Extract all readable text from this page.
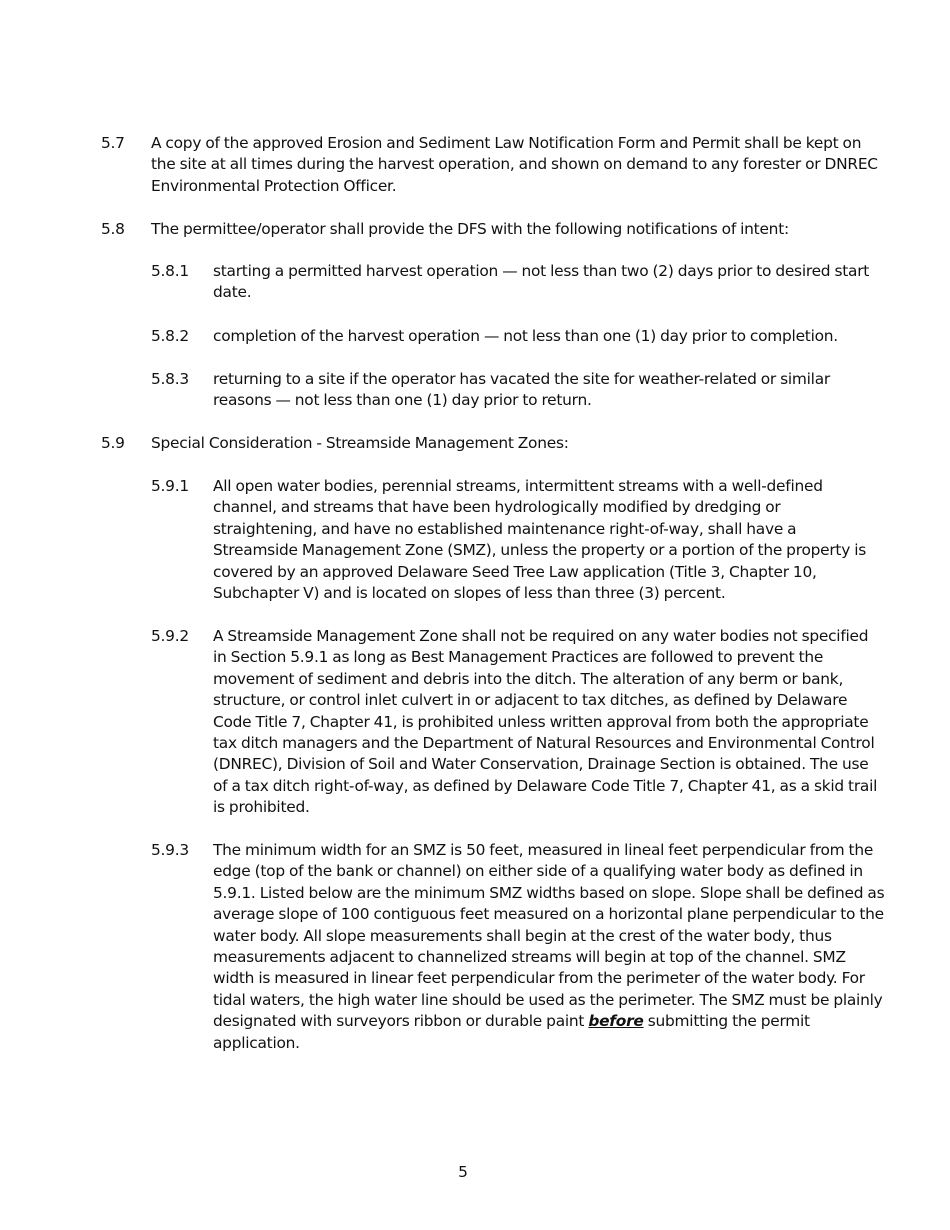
5.7 A copy of the approved Erosion and Sediment Law Notification Form and Permit shall be kept on the site at all times during the harvest operation, and shown on demand to any forester or DNREC Environmental Protection Officer.
5.8 The permittee/operator shall provide the DFS with the following notifications of intent:
5.8.1 starting a permitted harvest operation — not less than two (2) days prior to desired start date.
5.8.2 completion of the harvest operation — not less than one (1) day prior to completion.
5.8.3 returning to a site if the operator has vacated the site for weather-related or similar reasons — not less than one (1) day prior to return.
5.9 Special Consideration - Streamside Management Zones:
5.9.1 All open water bodies, perennial streams, intermittent streams with a well-defined channel, and streams that have been hydrologically modified by dredging or straightening, and have no established maintenance right-of-way, shall have a Streamside Management Zone (SMZ), unless the property or a portion of the property is covered by an approved Delaware Seed Tree Law application (Title 3, Chapter 10, Subchapter V) and is located on slopes of less than three (3) percent.
5.9.2 A Streamside Management Zone shall not be required on any water bodies not specified in Section 5.9.1 as long as Best Management Practices are followed to prevent the movement of sediment and debris into the ditch. The alteration of any berm or bank, structure, or control inlet culvert in or adjacent to tax ditches, as defined by Delaware Code Title 7, Chapter 41, is prohibited unless written approval from both the appropriate tax ditch managers and the Department of Natural Resources and Environmental Control (DNREC), Division of Soil and Water Conservation, Drainage Section is obtained. The use of a tax ditch right-of-way, as defined by Delaware Code Title 7, Chapter 41, as a skid trail is prohibited.
5.9.3 The minimum width for an SMZ is 50 feet, measured in lineal feet perpendicular from the edge (top of the bank or channel) on either side of a qualifying water body as defined in 5.9.1. Listed below are the minimum SMZ widths based on slope. Slope shall be defined as average slope of 100 contiguous feet measured on a horizontal plane perpendicular to the water body. All slope measurements shall begin at the crest of the water body, thus measurements adjacent to channelized streams will begin at top of the channel. SMZ width is measured in linear feet perpendicular from the perimeter of the water body. For tidal waters, the high water line should be used as the perimeter. The SMZ must be plainly designated with surveyors ribbon or durable paint before submitting the permit application.
5
